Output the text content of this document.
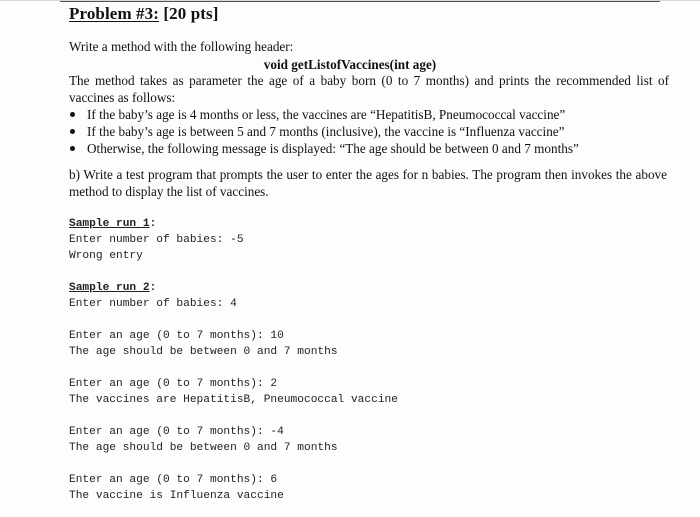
Problem #3: [20 pts]
Write a method with the following header:
void getListofVaccines(int age)
The method takes as parameter the age of a baby born (0 to 7 months) and prints the recommended list of vaccines as follows:
If the baby’s age is 4 months or less, the vaccines are “HepatitisB, Pneumococcal vaccine”
If the baby’s age is between 5 and 7 months (inclusive), the vaccine is “Influenza vaccine”
Otherwise, the following message is displayed: “The age should be between 0 and 7 months”
b) Write a test program that prompts the user to enter the ages for n babies. The program then invokes the above method to display the list of vaccines.
Sample run 1:
Enter number of babies: -5
Wrong entry
Sample run 2:
Enter number of babies: 4
Enter an age (0 to 7 months): 10
The age should be between 0 and 7 months
Enter an age (0 to 7 months): 2
The vaccines are HepatitisB, Pneumococcal vaccine
Enter an age (0 to 7 months): -4
The age should be between 0 and 7 months
Enter an age (0 to 7 months): 6
The vaccine is Influenza vaccine
